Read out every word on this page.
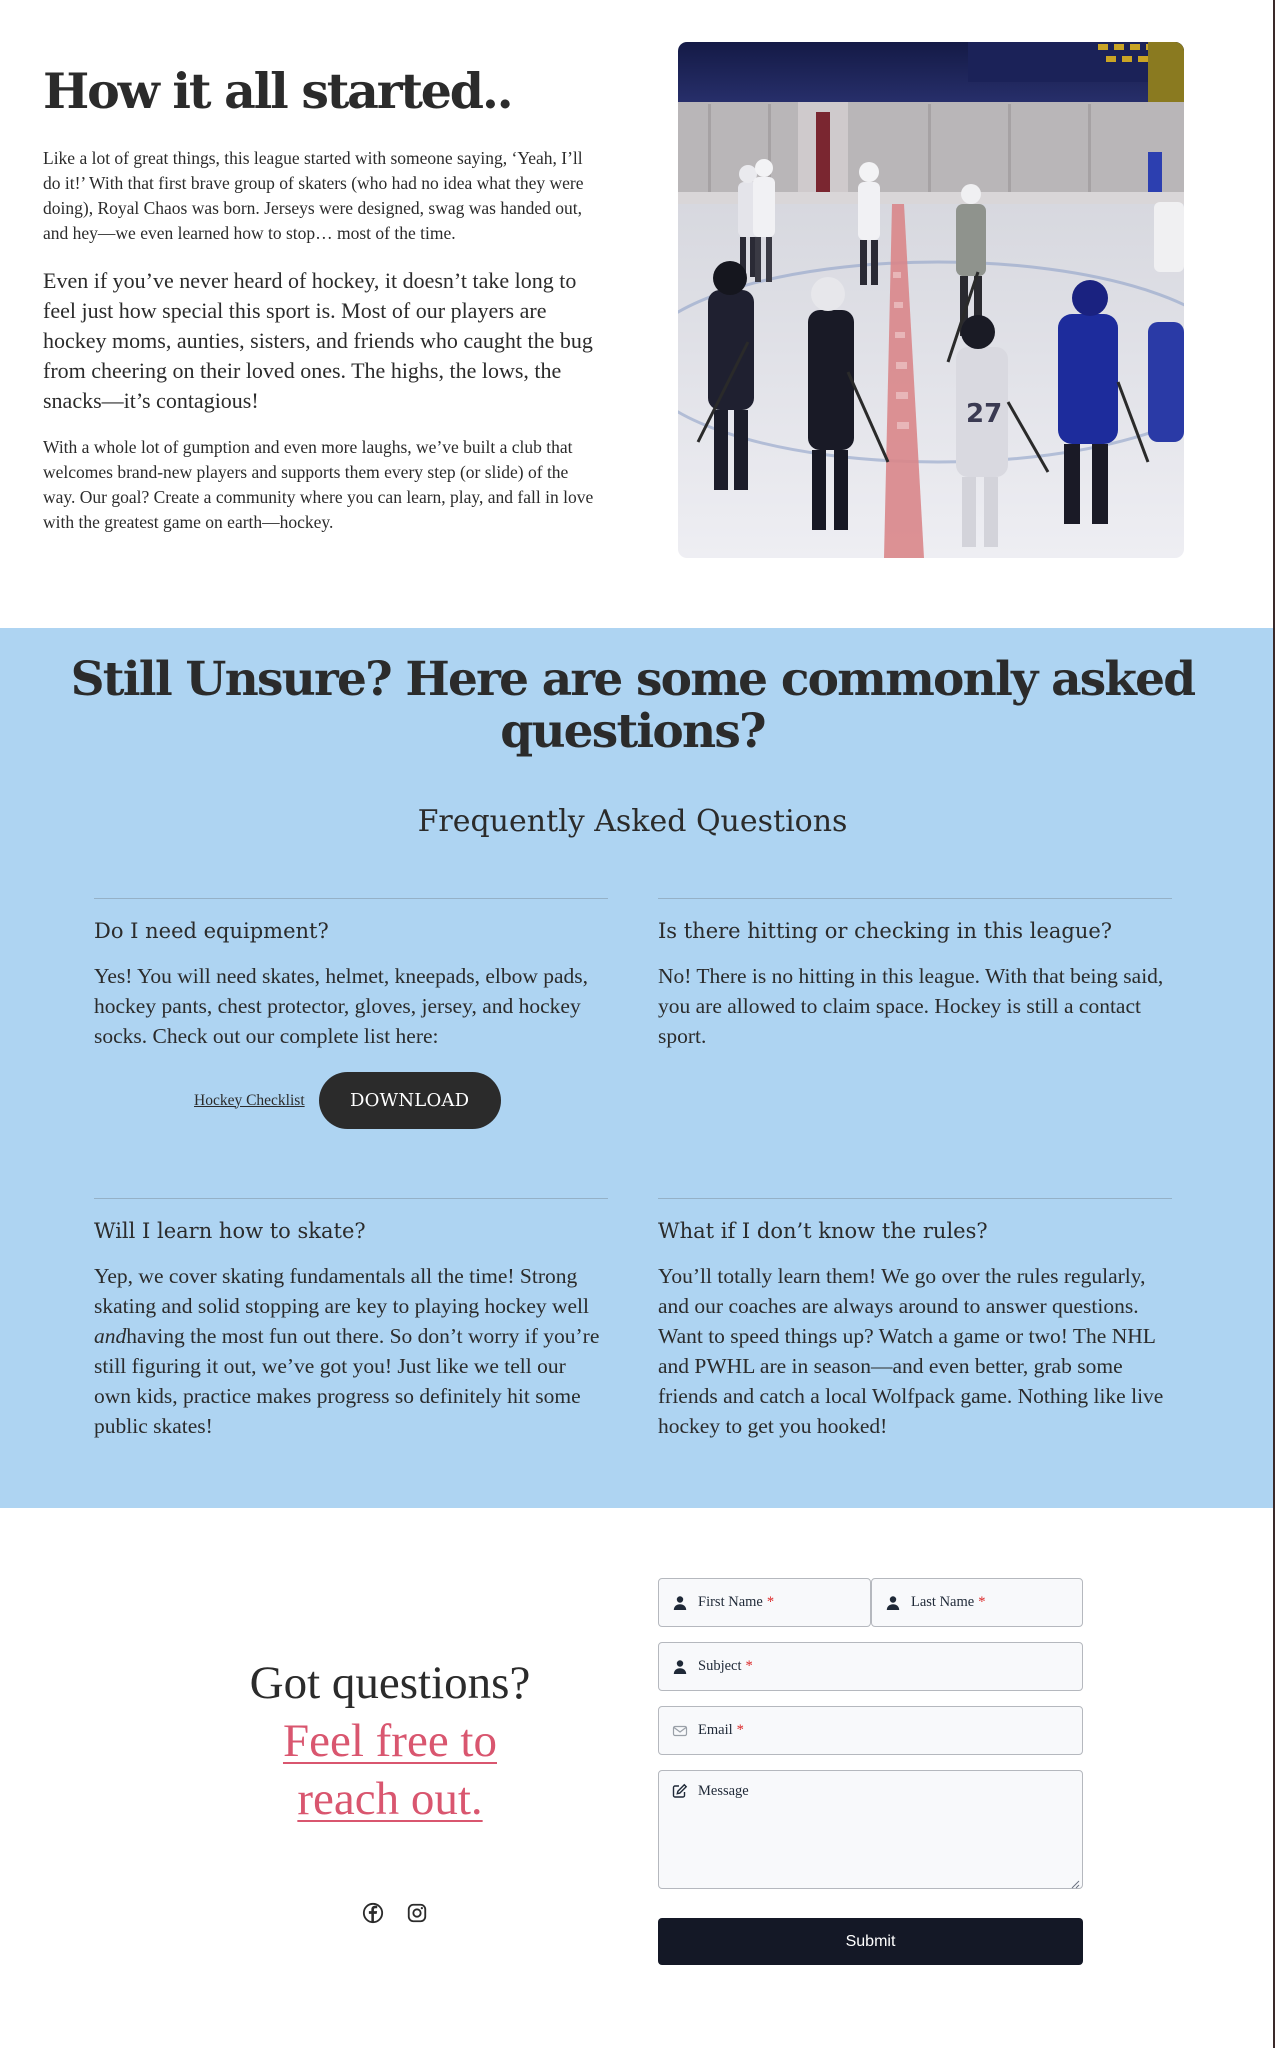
How it all started..

Like a lot of great things, this league started with someone saying, ‘Yeah, I’ll do it!’ With that first brave group of skaters (who had no idea what they were doing), Royal Chaos was born. Jerseys were designed, swag was handed out, and hey—we even learned how to stop… most of the time.

Even if you’ve never heard of hockey, it doesn’t take long to feel just how special this sport is. Most of our players are hockey moms, aunties, sisters, and friends who caught the bug from cheering on their loved ones. The highs, the lows, the snacks—it’s contagious!

With a whole lot of gumption and even more laughs, we’ve built a club that welcomes brand-new players and supports them every step (or slide) of the way. Our goal? Create a community where you can learn, play, and fall in love with the greatest game on earth—hockey.

27
Still Unsure? Here are some commonly asked questions?
Frequently Asked Questions
Do I need equipment?

Yes! You will need skates, helmet, kneepads, elbow pads, hockey pants, chest protector, gloves, jersey, and hockey socks. Check out our complete list here:

Is there hitting or checking in this league?

No! There is no hitting in this league. With that being said, you are allowed to claim space. Hockey is still a contact sport.

Hockey Checklist	DOWNLOAD
Will I learn how to skate?

Yep, we cover skating fundamentals all the time! Strong skating and solid stopping are key to playing hockey well andhaving the most fun out there. So don’t worry if you’re still figuring it out, we’ve got you! Just like we tell our own kids, practice makes progress so definitely hit some public skates!

What if I don’t know the rules?

You’ll totally learn them! We go over the rules regularly, and our coaches are always around to answer questions. Want to speed things up? Watch a game or two! The NHL and PWHL are in season—and even better, grab some friends and catch a local Wolfpack game. Nothing like live hockey to get you hooked!

Got questions?
Feel free to
reach out.
First Name *	Last Name *
Subject *
Email *
Message
Submit
